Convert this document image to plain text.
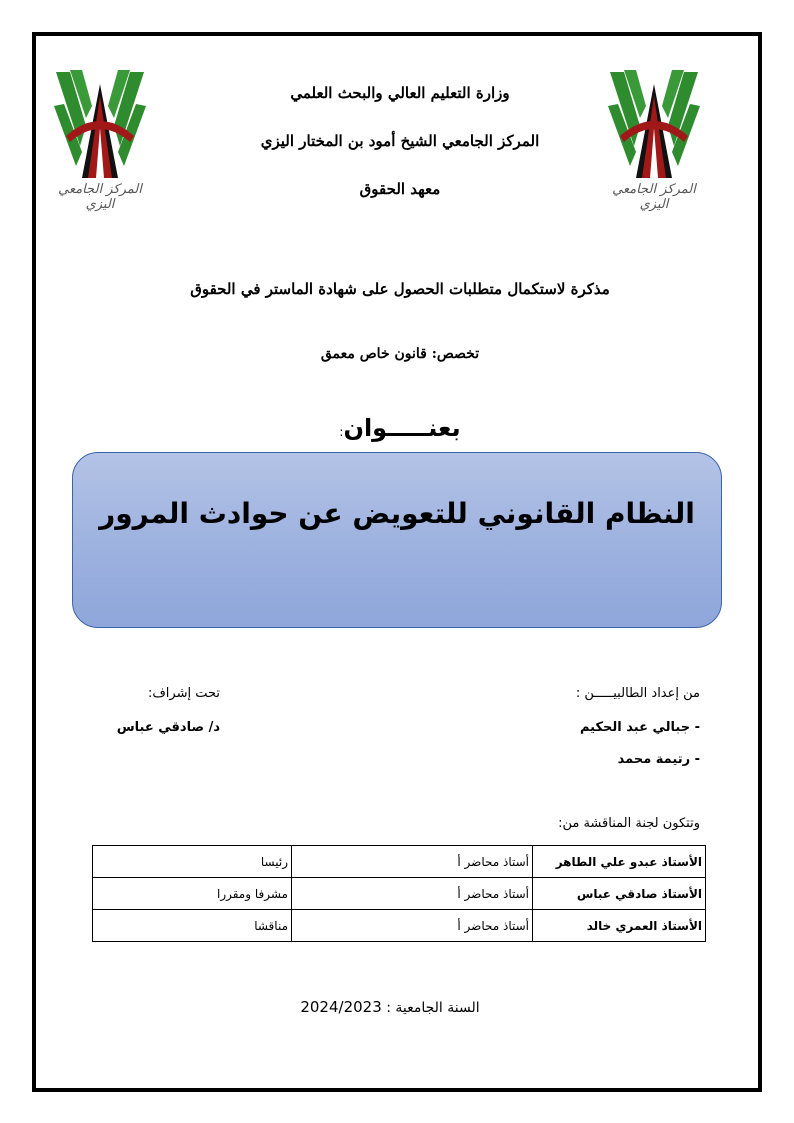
المركز الجامعي اليزي
المركز الجامعي اليزي
وزارة التعليم العالي والبحث العلمي
المركز الجامعي الشيخ أمود بن المختار اليزي
معهد الحقوق
مذكرة لاستكمال متطلبات الحصول على شهادة الماستر في الحقوق
تخصص: قانون خاص معمق
بعنـــــوان:
النظام القانوني للتعويض عن حوادث المرور
من إعداد الطالبيـــــن :
- جبالي عبد الحكيم
- رتيمة محمد
تحت إشراف:
د/ صادقي عباس
وتتكون لجنة المناقشة من:
الأستاذ عبدو علي الطاهر	أستاذ محاضر أ	رئيسا
الأستاذ صادقي عباس	أستاذ محاضر أ	مشرفا ومقررا
الأستاذ العمري خالد	أستاذ محاضر أ	مناقشا
السنة الجامعية : 2024/2023
